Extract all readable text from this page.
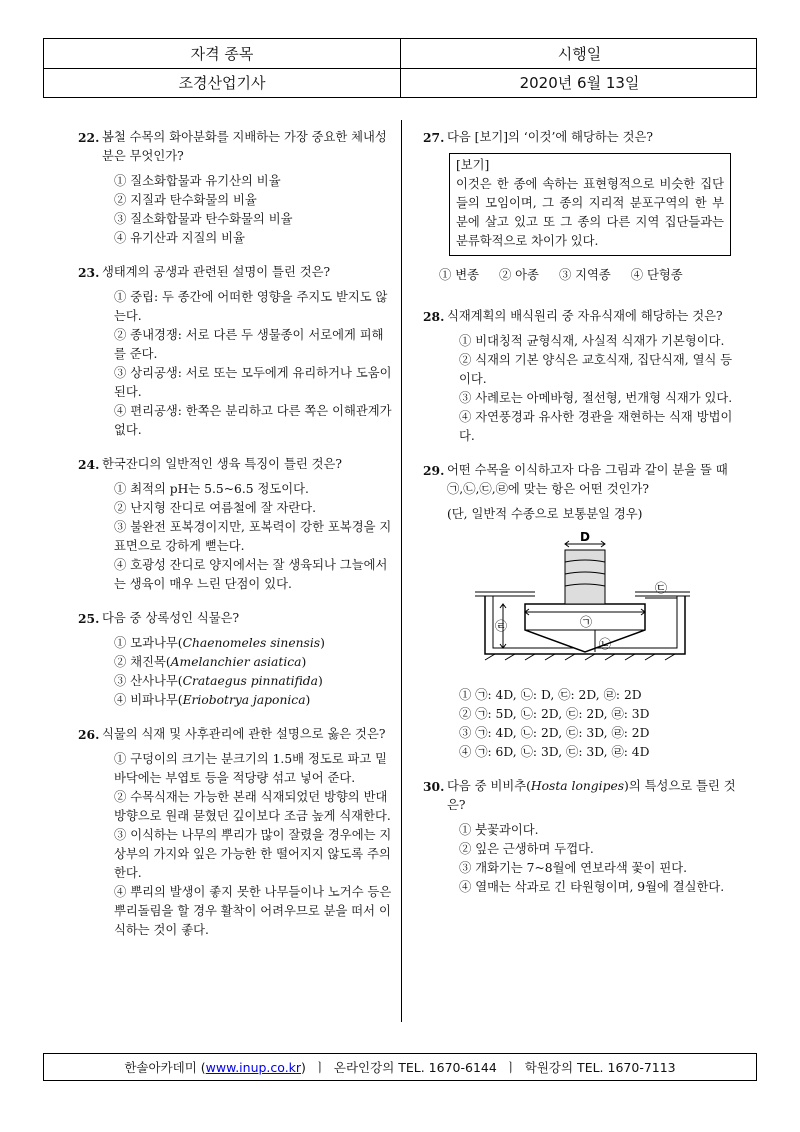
자격 종목	시행일
조경산업기사	2020년 6월 13일
22. 봄철 수목의 화아분화를 지배하는 가장 중요한 체내성분은 무엇인가?
① 질소화합물과 유기산의 비율
② 지질과 탄수화물의 비율
③ 질소화합물과 탄수화물의 비율
④ 유기산과 지질의 비율
23. 생태계의 공생과 관련된 설명이 틀린 것은?
① 중립: 두 종간에 어떠한 영향을 주지도 받지도 않는다.
② 종내경쟁: 서로 다른 두 생물종이 서로에게 피해를 준다.
③ 상리공생: 서로 또는 모두에게 유리하거나 도움이 된다.
④ 편리공생: 한쪽은 분리하고 다른 쪽은 이해관계가 없다.
24. 한국잔디의 일반적인 생육 특징이 틀린 것은?
① 최적의 pH는 5.5~6.5 정도이다.
② 난지형 잔디로 여름철에 잘 자란다.
③ 불완전 포복경이지만, 포복력이 강한 포복경을 지표면으로 강하게 뻗는다.
④ 호광성 잔디로 양지에서는 잘 생육되나 그늘에서는 생육이 매우 느린 단점이 있다.
25. 다음 중 상록성인 식물은?
① 모과나무(Chaenomeles sinensis)
② 채진목(Amelanchier asiatica)
③ 산사나무(Crataegus pinnatifida)
④ 비파나무(Eriobotrya japonica)
26. 식물의 식재 및 사후관리에 관한 설명으로 옳은 것은?
① 구덩이의 크기는 분크기의 1.5배 정도로 파고 밑바닥에는 부엽토 등을 적당량 섞고 넣어 준다.
② 수목식재는 가능한 본래 식재되었던 방향의 반대방향으로 원래 묻혔던 깊이보다 조금 높게 식재한다.
③ 이식하는 나무의 뿌리가 많이 잘렸을 경우에는 지상부의 가지와 잎은 가능한 한 떨어지지 않도록 주의한다.
④ 뿌리의 발생이 좋지 못한 나무들이나 노거수 등은 뿌리돌림을 할 경우 활착이 어려우므로 분을 떠서 이식하는 것이 좋다.
27. 다음 [보기]의 ‘이것’에 해당하는 것은?
[보기]
이것은 한 종에 속하는 표현형적으로 비슷한 집단들의 모임이며, 그 종의 지리적 분포구역의 한 부분에 살고 있고 또 그 종의 다른 지역 집단들과는 분류학적으로 차이가 있다.
① 변종 ② 아종 ③ 지역종 ④ 단형종
28. 식재계획의 배식원리 중 자유식재에 해당하는 것은?
① 비대칭적 균형식재, 사실적 식재가 기본형이다.
② 식재의 기본 양식은 교호식재, 집단식재, 열식 등이다.
③ 사례로는 아메바형, 절선형, 번개형 식재가 있다.
④ 자연풍경과 유사한 경관을 재현하는 식재 방법이다.
29. 어떤 수목을 이식하고자 다음 그림과 같이 분을 뜰 때 ㉠,㉡,㉢,㉣에 맞는 항은 어떤 것인가?
(단, 일반적 수종으로 보통분일 경우)
D
㉠
㉡
㉢
㉣
① ㉠: 4D, ㉡: D, ㉢: 2D, ㉣: 2D
② ㉠: 5D, ㉡: 2D, ㉢: 2D, ㉣: 3D
③ ㉠: 4D, ㉡: 2D, ㉢: 3D, ㉣: 2D
④ ㉠: 6D, ㉡: 3D, ㉢: 3D, ㉣: 4D
30. 다음 중 비비추(Hosta longipes)의 특성으로 틀린 것은?
① 붓꽃과이다.
② 잎은 근생하며 두껍다.
③ 개화기는 7~8월에 연보라색 꽃이 핀다.
④ 열매는 삭과로 긴 타원형이며, 9월에 결실한다.
한솔아카데미 ( www.inup.co.kr )  ㅣ  온라인강의 TEL. 1670-6144  ㅣ  학원강의 TEL. 1670-7113
